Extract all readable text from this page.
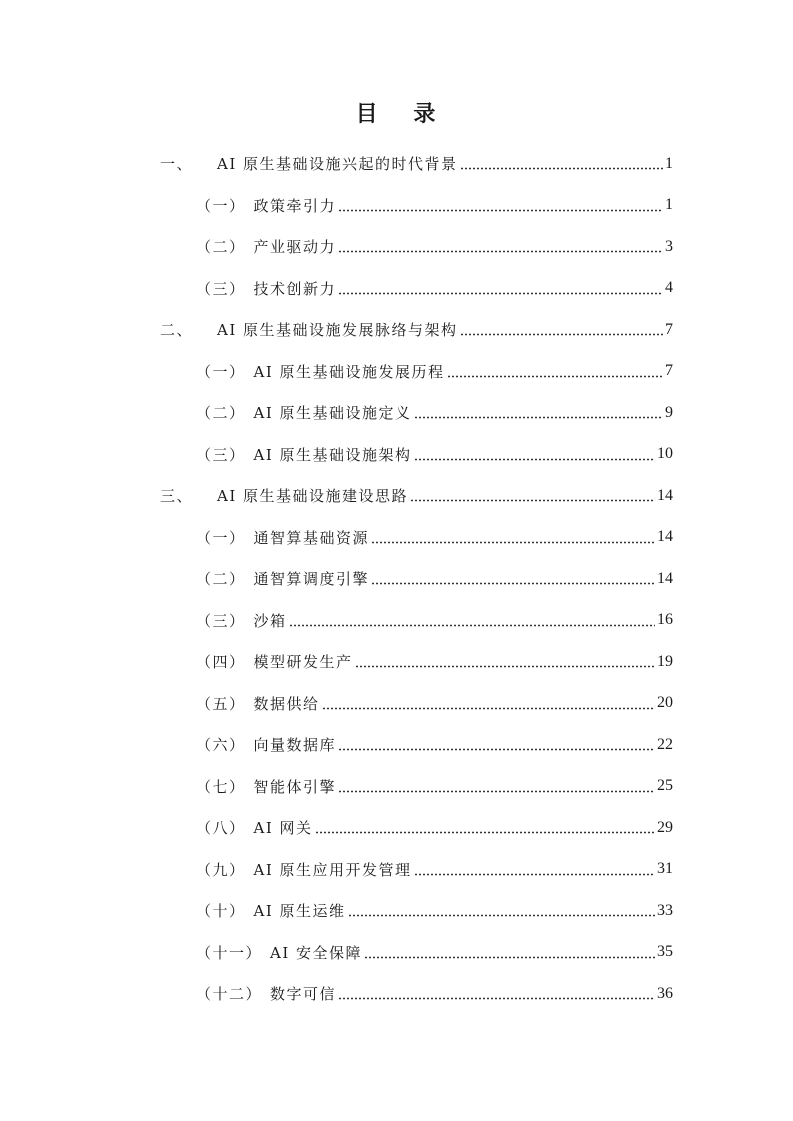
目 录
一、 AI 原生基础设施兴起的时代背景	1
（一） 政策牵引力	1
（二） 产业驱动力	3
（三） 技术创新力	4
二、 AI 原生基础设施发展脉络与架构	7
（一） AI 原生基础设施发展历程	7
（二） AI 原生基础设施定义	9
（三） AI 原生基础设施架构	10
三、 AI 原生基础设施建设思路	14
（一） 通智算基础资源	14
（二） 通智算调度引擎	14
（三） 沙箱	16
（四） 模型研发生产	19
（五） 数据供给	20
（六） 向量数据库	22
（七） 智能体引擎	25
（八） AI 网关	29
（九） AI 原生应用开发管理	31
（十） AI 原生运维	33
（十一） AI 安全保障	35
（十二） 数字可信	36
